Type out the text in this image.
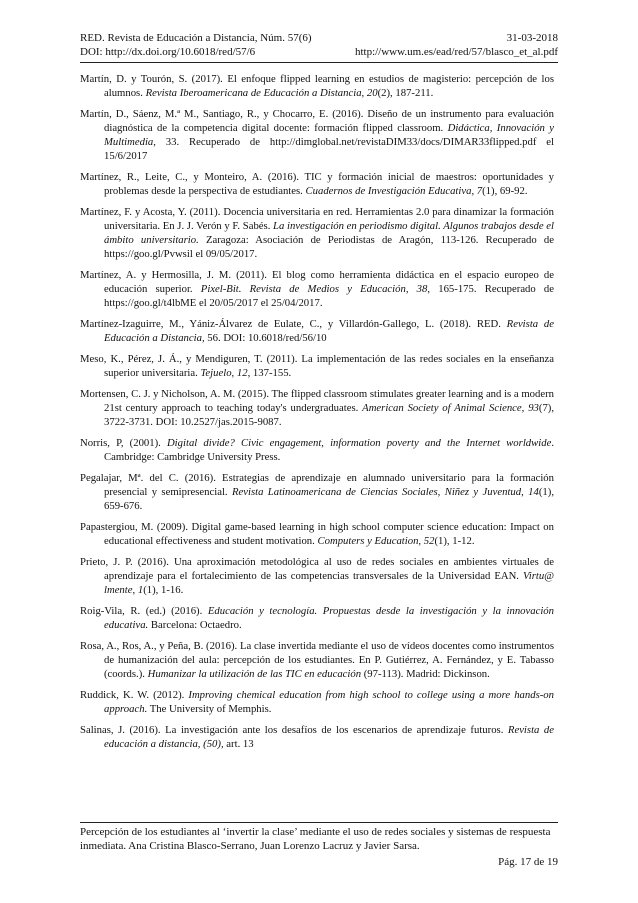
RED. Revista de Educación a Distancia, Núm. 57(6)	31-03-2018
DOI: http://dx.doi.org/10.6018/red/57/6	http://www.um.es/ead/red/57/blasco_et_al.pdf

Martín, D. y Tourón, S. (2017). El enfoque flipped learning en estudios de magisterio: percepción de los alumnos. Revista Iberoamericana de Educación a Distancia, 20(2), 187-211.

Martín, D., Sáenz, M.ª M., Santiago, R., y Chocarro, E. (2016). Diseño de un instrumento para evaluación diagnóstica de la competencia digital docente: formación flipped classroom. Didáctica, Innovación y Multimedia, 33. Recuperado de http://dimglobal.net/revistaDIM33/docs/DIMAR33flipped.pdf el 15/6/2017

Martínez, R., Leite, C., y Monteiro, A. (2016). TIC y formación inicial de maestros: oportunidades y problemas desde la perspectiva de estudiantes. Cuadernos de Investigación Educativa, 7(1), 69-92.

Martínez, F. y Acosta, Y. (2011). Docencia universitaria en red. Herramientas 2.0 para dinamizar la formación universitaria. En J. J. Verón y F. Sabés. La investigación en periodismo digital. Algunos trabajos desde el ámbito universitario. Zaragoza: Asociación de Periodistas de Aragón, 113-126. Recuperado de https://goo.gl/Pvwsil el 09/05/2017.

Martínez, A. y Hermosilla, J. M. (2011). El blog como herramienta didáctica en el espacio europeo de educación superior. Pixel-Bit. Revista de Medios y Educación, 38, 165-175. Recuperado de https://goo.gl/t4lbME el 20/05/2017 el 25/04/2017.

Martínez-Izaguirre, M., Yániz-Álvarez de Eulate, C., y Villardón-Gallego, L. (2018). RED. Revista de Educación a Distancia, 56. DOI: 10.6018/red/56/10

Meso, K., Pérez, J. Á., y Mendiguren, T. (2011). La implementación de las redes sociales en la enseñanza superior universitaria. Tejuelo, 12, 137-155.

Mortensen, C. J. y Nicholson, A. M. (2015). The flipped classroom stimulates greater learning and is a modern 21st century approach to teaching today's undergraduates. American Society of Animal Science, 93(7), 3722-3731. DOI: 10.2527/jas.2015-9087.

Norris, P, (2001). Digital divide? Civic engagement, information poverty and the Internet worldwide. Cambridge: Cambridge University Press.

Pegalajar, Mª. del C. (2016). Estrategias de aprendizaje en alumnado universitario para la formación presencial y semipresencial. Revista Latinoamericana de Ciencias Sociales, Niñez y Juventud, 14(1), 659-676.

Papastergiou, M. (2009). Digital game-based learning in high school computer science education: Impact on educational effectiveness and student motivation. Computers y Education, 52(1), 1-12.

Prieto, J. P. (2016). Una aproximación metodológica al uso de redes sociales en ambientes virtuales de aprendizaje para el fortalecimiento de las competencias transversales de la Universidad EAN. Virtu@ lmente, 1(1), 1-16.

Roig-Vila, R. (ed.) (2016). Educación y tecnología. Propuestas desde la investigación y la innovación educativa. Barcelona: Octaedro.

Rosa, A., Ros, A., y Peña, B. (2016). La clase invertida mediante el uso de vídeos docentes como instrumentos de humanización del aula: percepción de los estudiantes. En P. Gutiérrez, A. Fernández, y E. Tabasso (coords.). Humanizar la utilización de las TIC en educación (97-113). Madrid: Dickinson.

Ruddick, K. W. (2012). Improving chemical education from high school to college using a more hands-on approach. The University of Memphis.

Salinas, J. (2016). La investigación ante los desafíos de los escenarios de aprendizaje futuros. Revista de educación a distancia, (50), art. 13

Percepción de los estudiantes al ‘invertir la clase’ mediante el uso de redes sociales y sistemas de respuesta inmediata. Ana Cristina Blasco-Serrano, Juan Lorenzo Lacruz y Javier Sarsa.
Pág. 17 de 19
